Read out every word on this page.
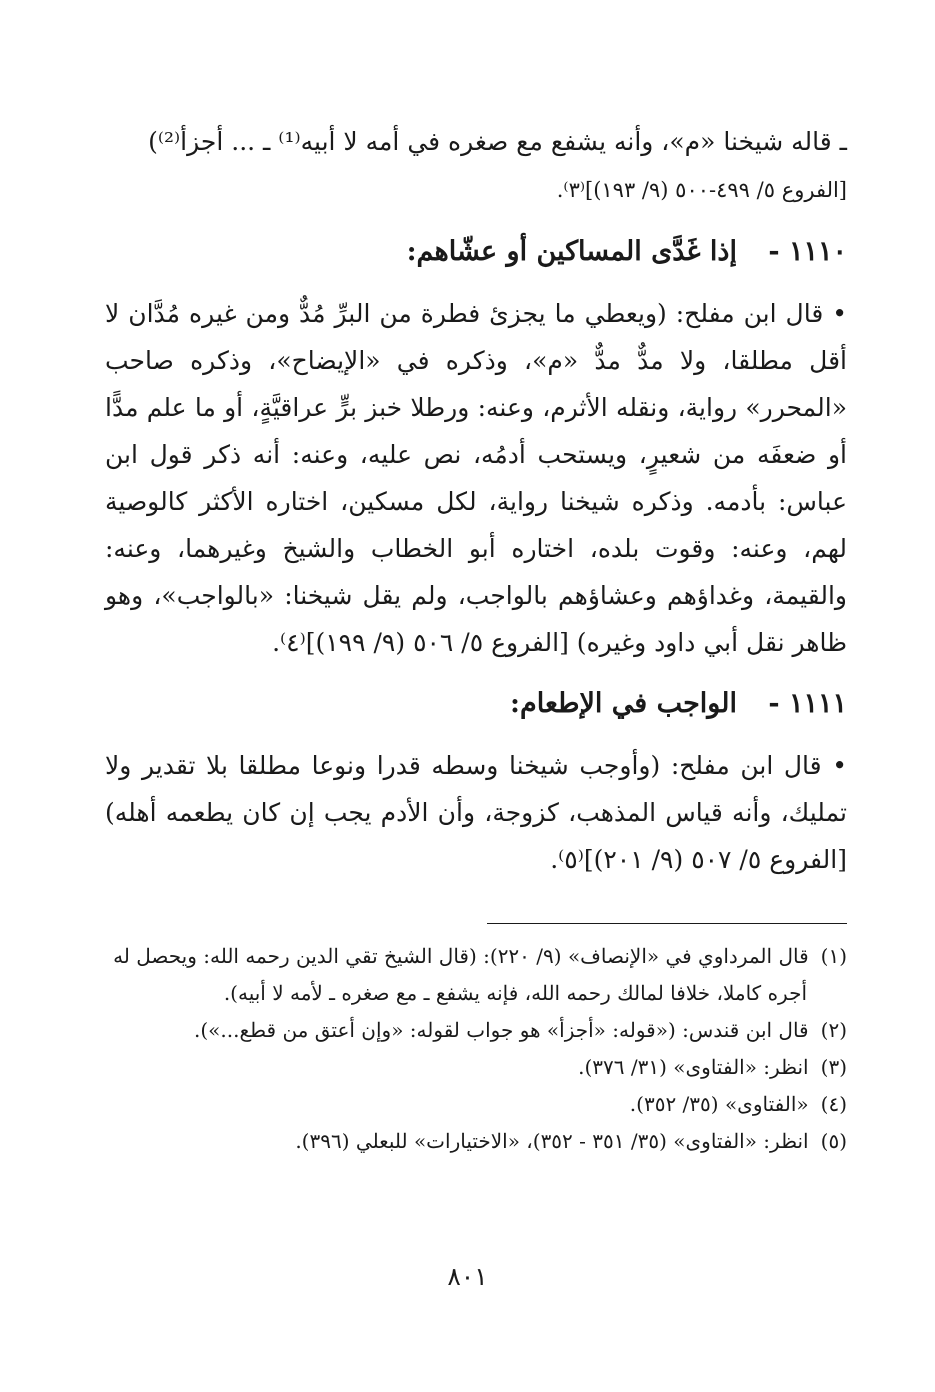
ـ قاله شيخنا «م»، وأنه يشفع مع صغره في أمه لا أبيه⁽¹⁾ ـ ... أجزأ⁽²⁾)
[الفروع ٥/ ٤٩٩-٥٠٠ (٩/ ١٩٣)]⁽٣⁾.

١١١٠ - إذا غَدَّى المساكين أو عشّاهم:

• قال ابن مفلح: (ويعطي ما يجزئ فطرة من البرِّ مُدٌّ ومن غيره مُدَّان لا أقل مطلقا، ولا مدٌّ مدٌّ «م»، وذكره في «الإيضاح»، وذكره صاحب «المحرر» رواية، ونقله الأثرم، وعنه: ورطلا خبز برٍّ عراقيَّةٍ، أو ما علم مدًّا أو ضعفَه من شعيرٍ، ويستحب أدمُه، نص عليه، وعنه: أنه ذكر قول ابن عباس: بأدمه. وذكره شيخنا رواية، لكل مسكين، اختاره الأكثر كالوصية لهم، وعنه: وقوت بلده، اختاره أبو الخطاب والشيخ وغيرهما، وعنه: والقيمة، وغداؤهم وعشاؤهم بالواجب، ولم يقل شيخنا: «بالواجب»، وهو ظاهر نقل أبي داود وغيره) [الفروع ٥/ ٥٠٦ (٩/ ١٩٩)]⁽٤⁾.

١١١١ - الواجب في الإطعام:

• قال ابن مفلح: (وأوجب شيخنا وسطه قدرا ونوعا مطلقا بلا تقدير ولا تمليك، وأنه قياس المذهب، كزوجة، وأن الأدم يجب إن كان يطعمه أهله) [الفروع ٥/ ٥٠٧ (٩/ ٢٠١)]⁽٥⁾.

(١)قال المرداوي في «الإنصاف» (٩/ ٢٢٠): (قال الشيخ تقي الدين رحمه الله: ويحصل له
أجره كاملا، خلافا لمالك رحمه الله، فإنه يشفع ـ مع صغره ـ لأمه لا أبيه).

(٢)قال ابن قندس: («قوله: «أجزأ» هو جواب لقوله: «وإن أعتق من قطع...»).

(٣)انظر: «الفتاوى» (٣١/ ٣٧٦).

(٤)«الفتاوى» (٣٥/ ٣٥٢).

(٥)انظر: «الفتاوى» (٣٥/ ٣٥١ - ٣٥٢)، «الاختيارات» للبعلي (٣٩٦).

٨٠١
